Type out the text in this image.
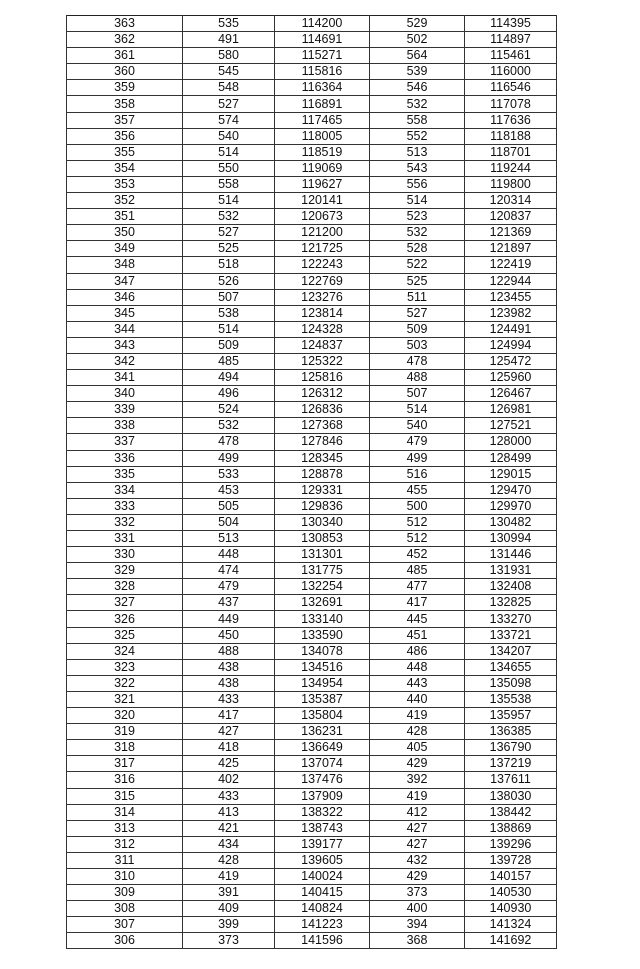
363	535	114200	529	114395
362	491	114691	502	114897
361	580	115271	564	115461
360	545	115816	539	116000
359	548	116364	546	116546
358	527	116891	532	117078
357	574	117465	558	117636
356	540	118005	552	118188
355	514	118519	513	118701
354	550	119069	543	119244
353	558	119627	556	119800
352	514	120141	514	120314
351	532	120673	523	120837
350	527	121200	532	121369
349	525	121725	528	121897
348	518	122243	522	122419
347	526	122769	525	122944
346	507	123276	511	123455
345	538	123814	527	123982
344	514	124328	509	124491
343	509	124837	503	124994
342	485	125322	478	125472
341	494	125816	488	125960
340	496	126312	507	126467
339	524	126836	514	126981
338	532	127368	540	127521
337	478	127846	479	128000
336	499	128345	499	128499
335	533	128878	516	129015
334	453	129331	455	129470
333	505	129836	500	129970
332	504	130340	512	130482
331	513	130853	512	130994
330	448	131301	452	131446
329	474	131775	485	131931
328	479	132254	477	132408
327	437	132691	417	132825
326	449	133140	445	133270
325	450	133590	451	133721
324	488	134078	486	134207
323	438	134516	448	134655
322	438	134954	443	135098
321	433	135387	440	135538
320	417	135804	419	135957
319	427	136231	428	136385
318	418	136649	405	136790
317	425	137074	429	137219
316	402	137476	392	137611
315	433	137909	419	138030
314	413	138322	412	138442
313	421	138743	427	138869
312	434	139177	427	139296
311	428	139605	432	139728
310	419	140024	429	140157
309	391	140415	373	140530
308	409	140824	400	140930
307	399	141223	394	141324
306	373	141596	368	141692
